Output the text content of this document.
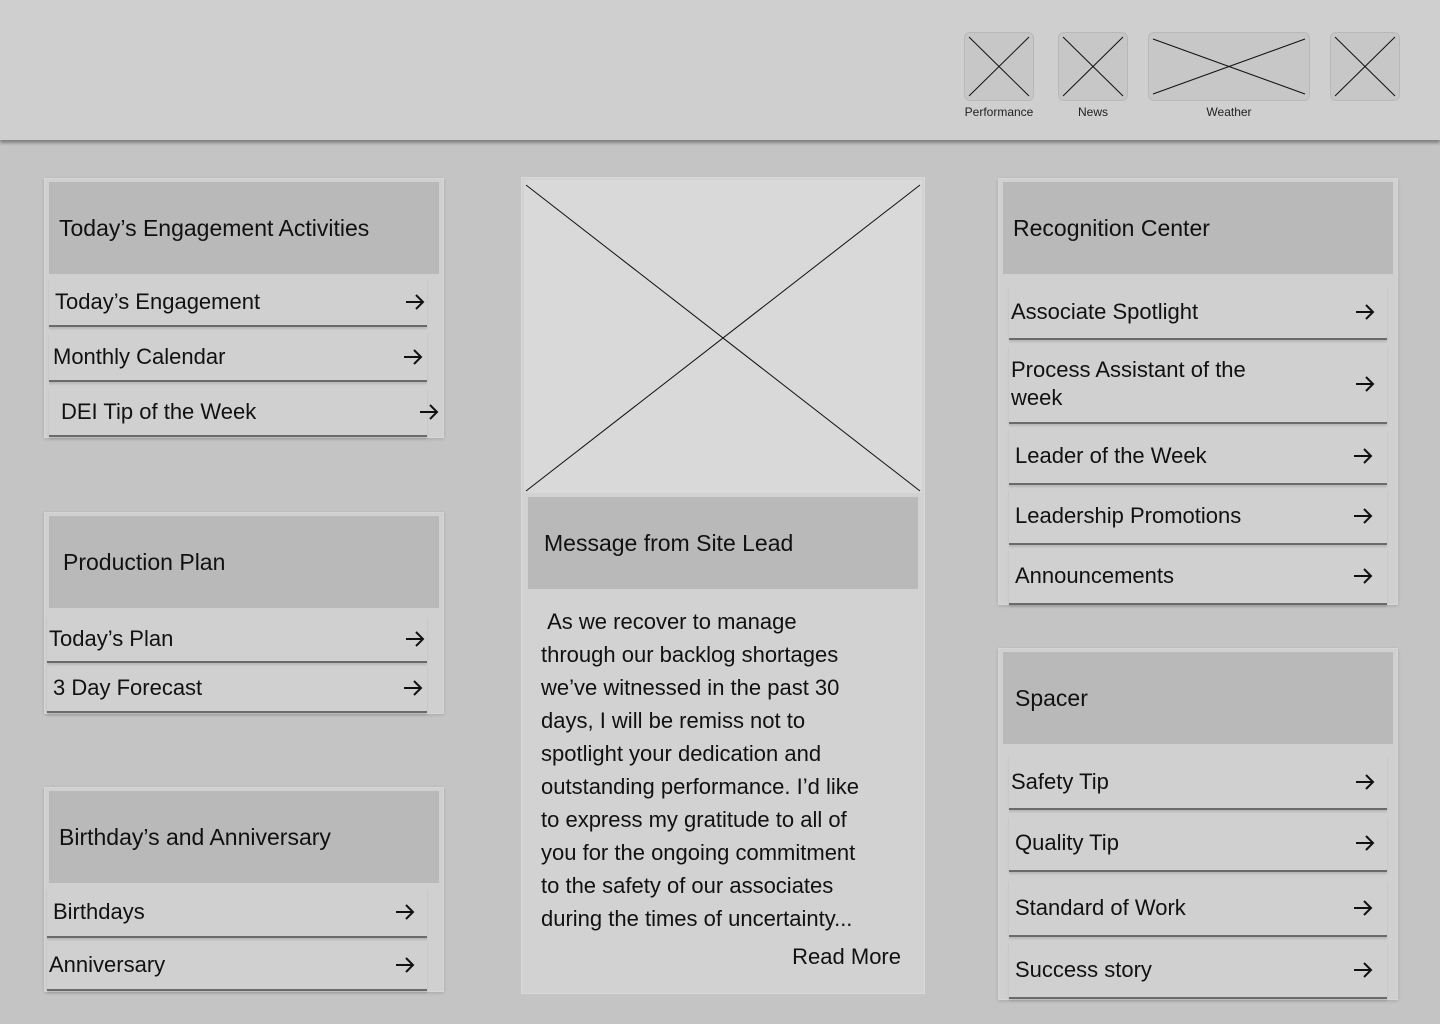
Performance	News	Weather
Today’s Engagement Activities
Today’s Engagement
Monthly Calendar
DEI Tip of the Week
Production Plan
Today’s Plan
3 Day Forecast
Birthday’s and Anniversary
Birthdays
Anniversary
Message from Site Lead
As we recover to manage
through our backlog shortages
we’ve witnessed in the past 30
days, I will be remiss not to
spotlight your dedication and
outstanding performance. I’d like
to express my gratitude to all of
you for the ongoing commitment
to the safety of our associates
during the times of uncertainty...
Read More
Recognition Center
Associate Spotlight
Process Assistant of the week
Leader of the Week
Leadership Promotions
Announcements
Spacer
Safety Tip
Quality Tip
Standard of Work
Success story
